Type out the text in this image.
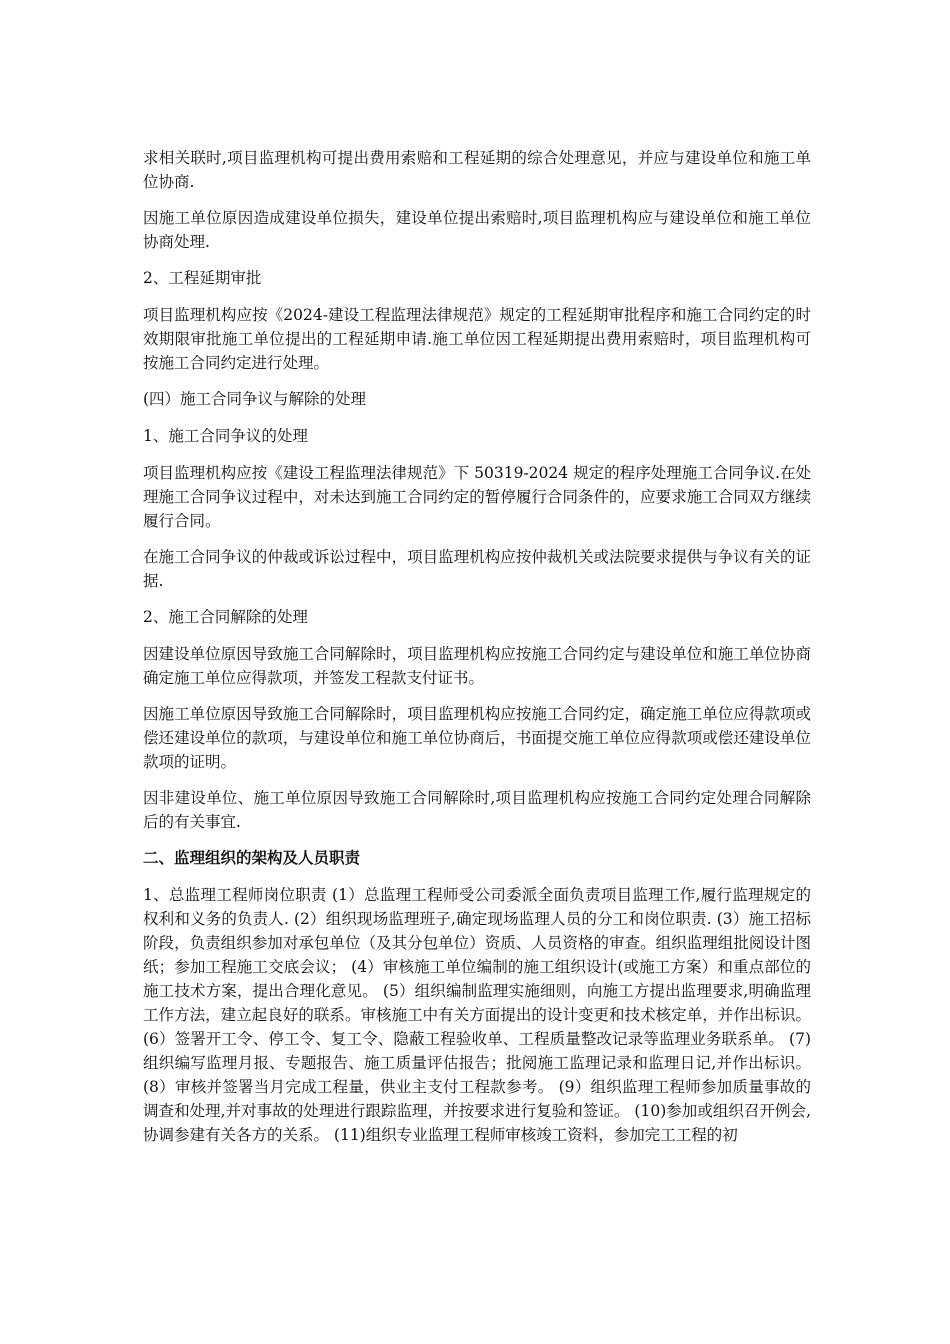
求相关联时,项目监理机构可提出费用索赔和工程延期的综合处理意见，并应与建设单位和施工单位协商.

因施工单位原因造成建设单位损失，建设单位提出索赔时,项目监理机构应与建设单位和施工单位协商处理.

2、工程延期审批

项目监理机构应按《2024-建设工程监理法律规范》规定的工程延期审批程序和施工合同约定的时效期限审批施工单位提出的工程延期申请.施工单位因工程延期提出费用索赔时，项目监理机构可按施工合同约定进行处理。

(四）施工合同争议与解除的处理

1、施工合同争议的处理

项目监理机构应按《建设工程监理法律规范》下 50319-2024 规定的程序处理施工合同争议.在处理施工合同争议过程中，对未达到施工合同约定的暂停履行合同条件的，应要求施工合同双方继续履行合同。

在施工合同争议的仲裁或诉讼过程中，项目监理机构应按仲裁机关或法院要求提供与争议有关的证据.

2、施工合同解除的处理

因建设单位原因导致施工合同解除时，项目监理机构应按施工合同约定与建设单位和施工单位协商确定施工单位应得款项，并签发工程款支付证书。

因施工单位原因导致施工合同解除时，项目监理机构应按施工合同约定，确定施工单位应得款项或偿还建设单位的款项，与建设单位和施工单位协商后，书面提交施工单位应得款项或偿还建设单位款项的证明。

因非建设单位、施工单位原因导致施工合同解除时,项目监理机构应按施工合同约定处理合同解除后的有关事宜.

二、监理组织的架构及人员职责

1、总监理工程师岗位职责 (1）总监理工程师受公司委派全面负责项目监理工作,履行监理规定的权利和义务的负责人. (2）组织现场监理班子,确定现场监理人员的分工和岗位职责. (3）施工招标阶段，负责组织参加对承包单位（及其分包单位）资质、人员资格的审查。组织监理组批阅设计图纸；参加工程施工交底会议； (4）审核施工单位编制的施工组织设计(或施工方案）和重点部位的施工技术方案，提出合理化意见。 (5）组织编制监理实施细则，向施工方提出监理要求,明确监理工作方法，建立起良好的联系。审核施工中有关方面提出的设计变更和技术核定单，并作出标识。 (6）签署开工令、停工令、复工令、隐蔽工程验收单、工程质量整改记录等监理业务联系单。 (7)组织编写监理月报、专题报告、施工质量评估报告；批阅施工监理记录和监理日记,并作出标识。 (8）审核并签署当月完成工程量，供业主支付工程款参考。 (9）组织监理工程师参加质量事故的调查和处理,并对事故的处理进行跟踪监理，并按要求进行复验和签证。 (10)参加或组织召开例会,协调参建有关各方的关系。 (11)组织专业监理工程师审核竣工资料，参加完工工程的初
